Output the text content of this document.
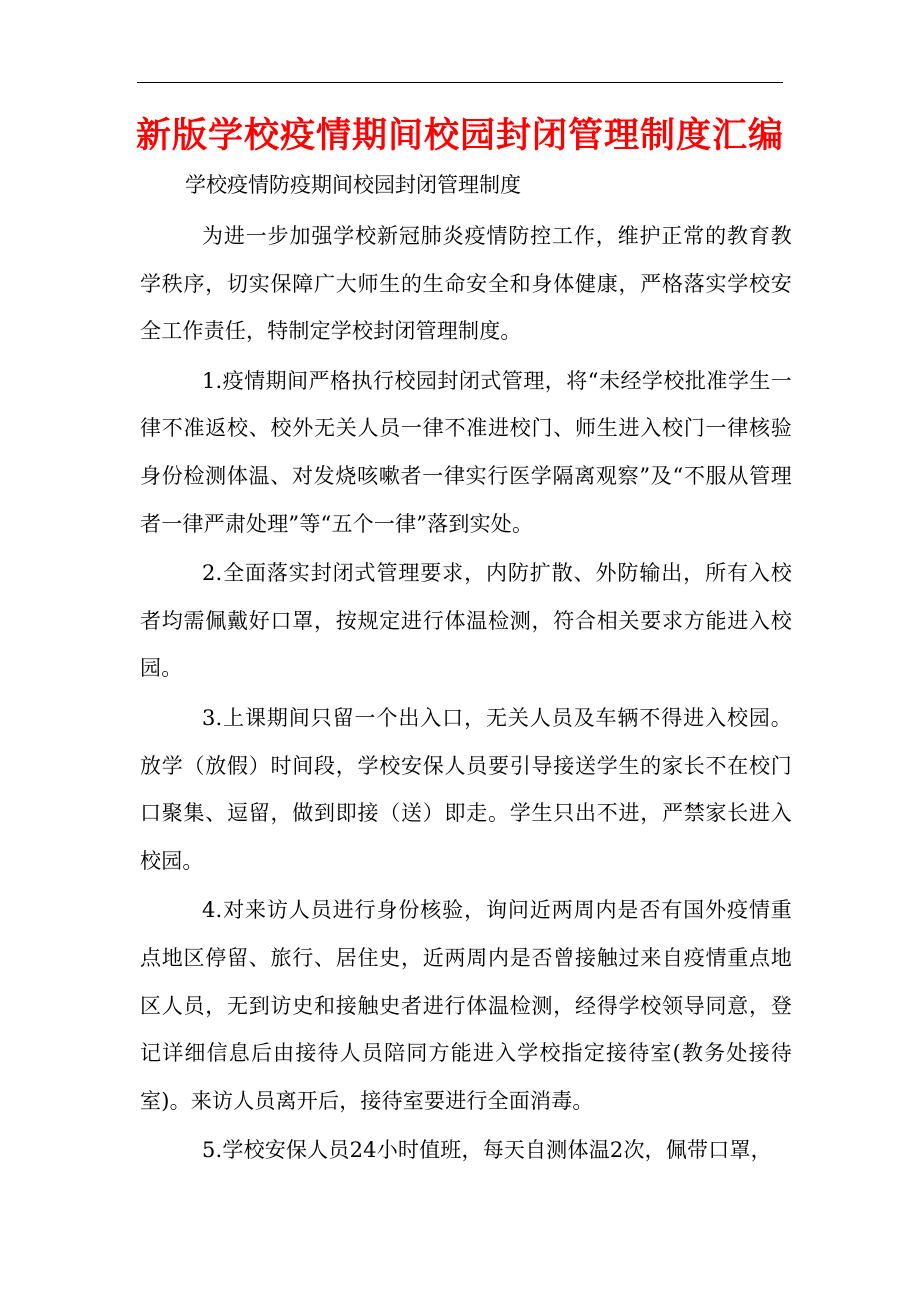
新版学校疫情期间校园封闭管理制度汇编
学校疫情防疫期间校园封闭管理制度

为进一步加强学校新冠肺炎疫情防控工作，维护正常的教育教学秩序，切实保障广大师生的生命安全和身体健康，严格落实学校安全工作责任，特制定学校封闭管理制度。

1.疫情期间严格执行校园封闭式管理，将“未经学校批准学生一律不准返校、校外无关人员一律不准进校门、师生进入校门一律核验身份检测体温、对发烧咳嗽者一律实行医学隔离观察”及“不服从管理者一律严肃处理”等“五个一律”落到实处。

2.全面落实封闭式管理要求，内防扩散、外防输出，所有入校者均需佩戴好口罩，按规定进行体温检测，符合相关要求方能进入校园。

3.上课期间只留一个出入口，无关人员及车辆不得进入校园。放学（放假）时间段，学校安保人员要引导接送学生的家长不在校门口聚集、逗留，做到即接（送）即走。学生只出不进，严禁家长进入校园。

4.对来访人员进行身份核验，询问近两周内是否有国外疫情重点地区停留、旅行、居住史，近两周内是否曾接触过来自疫情重点地区人员，无到访史和接触史者进行体温检测，经得学校领导同意，登记详细信息后由接待人员陪同方能进入学校指定接待室(教务处接待室)。来访人员离开后，接待室要进行全面消毒。

5.学校安保人员24小时值班，每天自测体温2次，佩带口罩，
